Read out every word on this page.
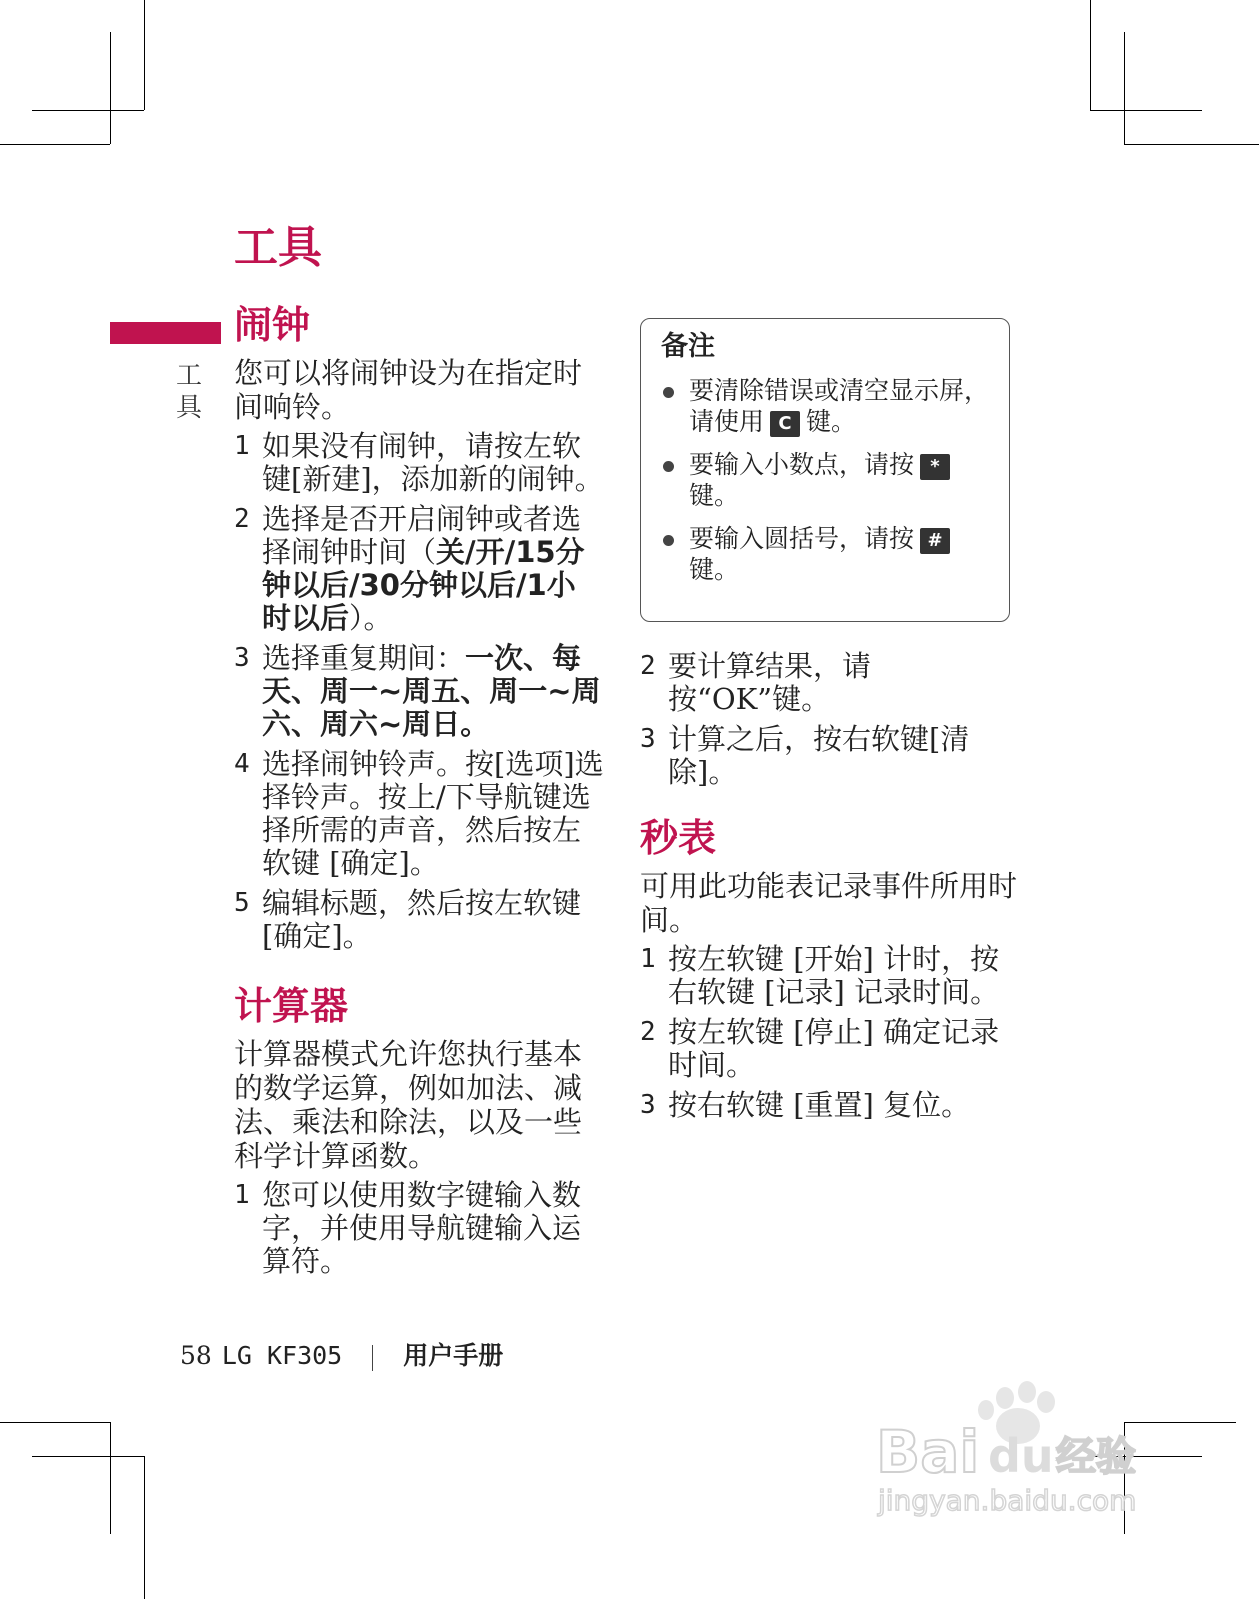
工具
工具
闹钟

您可以将闹钟设为在指定时间响铃。

1 如果没有闹钟，请按左软键[新建]，添加新的闹钟。
2 选择是否开启闹钟或者选择闹钟时间（关/开/15分钟以后/30分钟以后/1小时以后）。
3 选择重复期间：一次、每天、周一~周五、周一~周六、周六~周日。
4 选择闹钟铃声。按[选项]选择铃声。按上/下导航键选择所需的声音，然后按左软键 [确定]。
5 编辑标题，然后按左软键[确定]。
计算器

计算器模式允许您执行基本的数学运算，例如加法、减法、乘法和除法，以及一些科学计算函数。

1 您可以使用数字键输入数字，并使用导航键输入运算符。
备注
要清除错误或清空显示屏，请使用 C 键。
要输入小数点，请按 *键。
要输入圆括号，请按 #键。
2 要计算结果，请按“OK”键。
3 计算之后，按右软键[清除]。
秒表

可用此功能表记录事件所用时间。

1 按左软键 [开始] 计时，按右软键 [记录] 记录时间。
2 按左软键 [停止] 确定记录时间。
3 按右软键 [重置] 复位。
58 LG KF305 用户手册
Bai du 经验
jingyan.baidu.com
